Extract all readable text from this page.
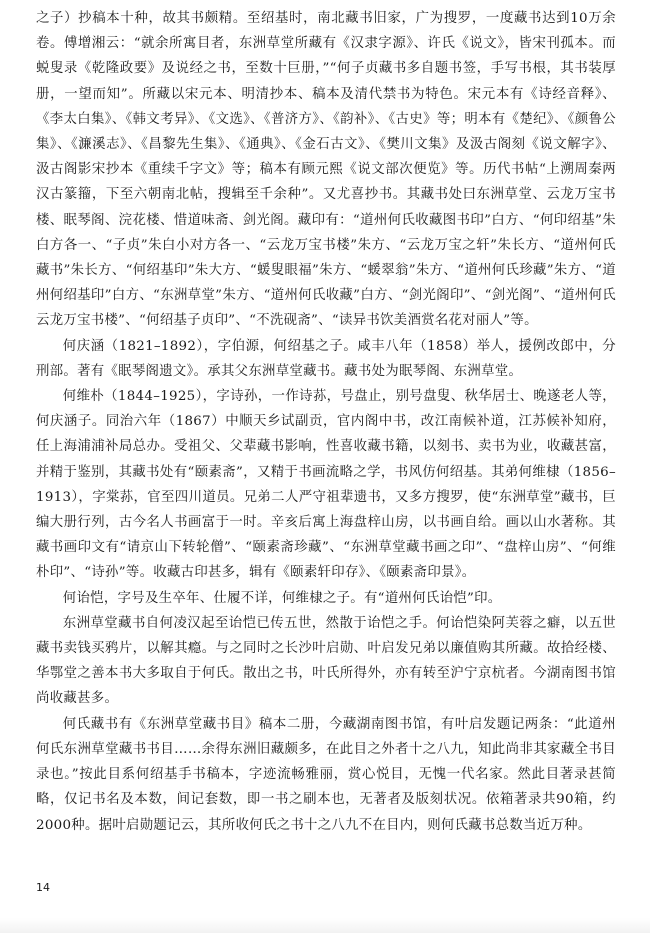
之子）抄稿本十种，故其书颇精。至绍基时，南北藏书旧家，广为搜罗，一度藏书达到10万余卷。傅增湘云：“就余所寓目者，东洲草堂所藏有《汉隶字源》、许氏《说文》，皆宋刊孤本。而蜕叟录《乾隆政要》及说经之书，至数十巨册，”“何子贞藏书多自题书签，手写书根，其书装厚册，一望而知”。所藏以宋元本、明清抄本、稿本及清代禁书为特色。宋元本有《诗经音释》、《李太白集》、《韩文考异》、《文选》、《普济方》、《韵补》、《古史》等；明本有《楚纪》、《颜鲁公集》、《濂溪志》、《昌黎先生集》、《通典》、《金石古文》、《樊川文集》及汲古阁刻《说文解字》、汲古阁影宋抄本《重续千字文》等；稿本有顾元熙《说文部次便览》等。历代书帖“上溯周秦两汉古篆籀，下至六朝南北帖，搜辑至千余种”。又尤喜抄书。其藏书处曰东洲草堂、云龙万宝书楼、眠琴阁、浣花楼、惜道味斋、剑光阁。藏印有：“道州何氏收藏图书印”白方、“何印绍基”朱白方各一、“子贞”朱白小对方各一、“云龙万宝书楼”朱方、“云龙万宝之轩”朱长方、“道州何氏藏书”朱长方、“何绍基印”朱大方、“蝯叟眼福”朱方、“蝯翠翁”朱方、“道州何氏珍藏”朱方、“道州何绍基印”白方、“东洲草堂”朱方、“道州何氏收藏”白方、“剑光阁印”、“剑光阁”、“道州何氏云龙万宝书楼”、“何绍基子贞印”、“不洗砚斋”、“读异书饮美酒赏名花对丽人”等。

何庆涵（1821–1892），字伯源，何绍基之子。咸丰八年（1858）举人，援例改郎中，分刑部。著有《眠琴阁遗文》。承其父东洲草堂藏书。藏书处为眠琴阁、东洲草堂。

何维朴（1844–1925），字诗孙，一作诗荪，号盘止，别号盘叟、秋华居士、晚遂老人等，何庆涵子。同治六年（1867）中顺天乡试副贡，官内阁中书，改江南候补道，江苏候补知府，任上海浦浦补局总办。受祖父、父辈藏书影响，性喜收藏书籍，以刻书、卖书为业，收藏甚富，并精于鉴别，其藏书处有“颐素斋”，又精于书画流略之学，书风仿何绍基。其弟何维棣（1856–1913），字棠荪，官至四川道员。兄弟二人严守祖辈遗书，又多方搜罗，使“东洲草堂”藏书，巨编大册行列，古今名人书画富于一时。辛亥后寓上海盘梓山房，以书画自给。画以山水著称。其藏书画印文有“请京山下转轮僧”、“颐素斋珍藏”、“东洲草堂藏书画之印”、“盘梓山房”、“何维朴印”、“诗孙”等。收藏古印甚多，辑有《颐素轩印存》、《颐素斋印景》。

何诒恺，字号及生卒年、仕履不详，何维棣之子。有“道州何氏诒恺”印。

东洲草堂藏书自何凌汉起至诒恺已传五世，然散于诒恺之手。何诒恺染阿芙蓉之癖，以五世藏书卖钱买鸦片，以解其瘾。与之同时之长沙叶启勋、叶启发兄弟以廉值购其所藏。故拾经楼、华鄂堂之善本书大多取自于何氏。散出之书，叶氏所得外，亦有转至沪宁京杭者。今湖南图书馆尚收藏甚多。

何氏藏书有《东洲草堂藏书目》稿本二册，今藏湖南图书馆，有叶启发题记两条：“此道州何氏东洲草堂藏书书目……余得东洲旧藏颇多，在此目之外者十之八九，知此尚非其家藏全书目录也。”按此目系何绍基手书稿本，字迹流畅雅丽，赏心悦目，无愧一代名家。然此目著录甚简略，仅记书名及本数，间记套数，即一书之刷本也，无著者及版刻状况。依箱著录共90箱，约2000种。据叶启勋题记云，其所收何氏之书十之八九不在目内，则何氏藏书总数当近万种。

14
